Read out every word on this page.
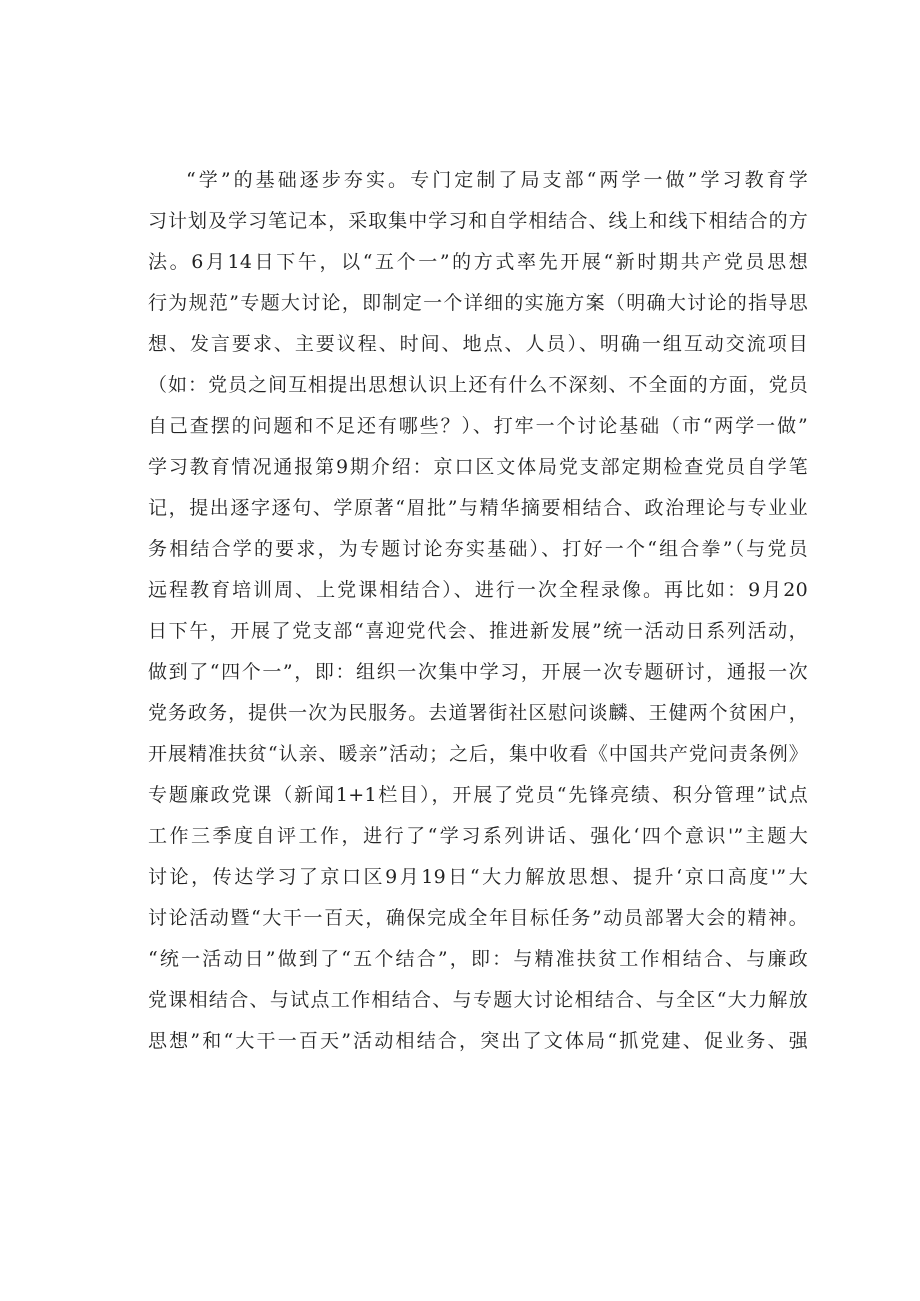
“学”的基础逐步夯实。专门定制了局支部“两学一做”学习教育学
习计划及学习笔记本，采取集中学习和自学相结合、线上和线下相结合的方
法。6月14日下午，以“五个一”的方式率先开展“新时期共产党员思想
行为规范”专题大讨论，即制定一个详细的实施方案（明确大讨论的指导思
想、发言要求、主要议程、时间、地点、人员）、明确一组互动交流项目
（如：党员之间互相提出思想认识上还有什么不深刻、不全面的方面，党员
自己查摆的问题和不足还有哪些？）、打牢一个讨论基础（市“两学一做”
学习教育情况通报第9期介绍：京口区文体局党支部定期检查党员自学笔
记，提出逐字逐句、学原著“眉批”与精华摘要相结合、政治理论与专业业
务相结合学的要求，为专题讨论夯实基础）、打好一个“组合拳”（与党员
远程教育培训周、上党课相结合）、进行一次全程录像。再比如：9月20
日下午，开展了党支部“喜迎党代会、推进新发展”统一活动日系列活动，
做到了“四个一”，即：组织一次集中学习，开展一次专题研讨，通报一次
党务政务，提供一次为民服务。去道署街社区慰问谈麟、王健两个贫困户，
开展精准扶贫“认亲、暖亲”活动；之后，集中收看《中国共产党问责条例》
专题廉政党课（新闻1+1栏目），开展了党员“先锋亮绩、积分管理”试点
工作三季度自评工作，进行了“学习系列讲话、强化‘四个意识'”主题大
讨论，传达学习了京口区9月19日“大力解放思想、提升‘京口高度'”大
讨论活动暨“大干一百天，确保完成全年目标任务”动员部署大会的精神。
“统一活动日”做到了“五个结合”，即：与精准扶贫工作相结合、与廉政
党课相结合、与试点工作相结合、与专题大讨论相结合、与全区“大力解放
思想”和“大干一百天”活动相结合，突出了文体局“抓党建、促业务、强
